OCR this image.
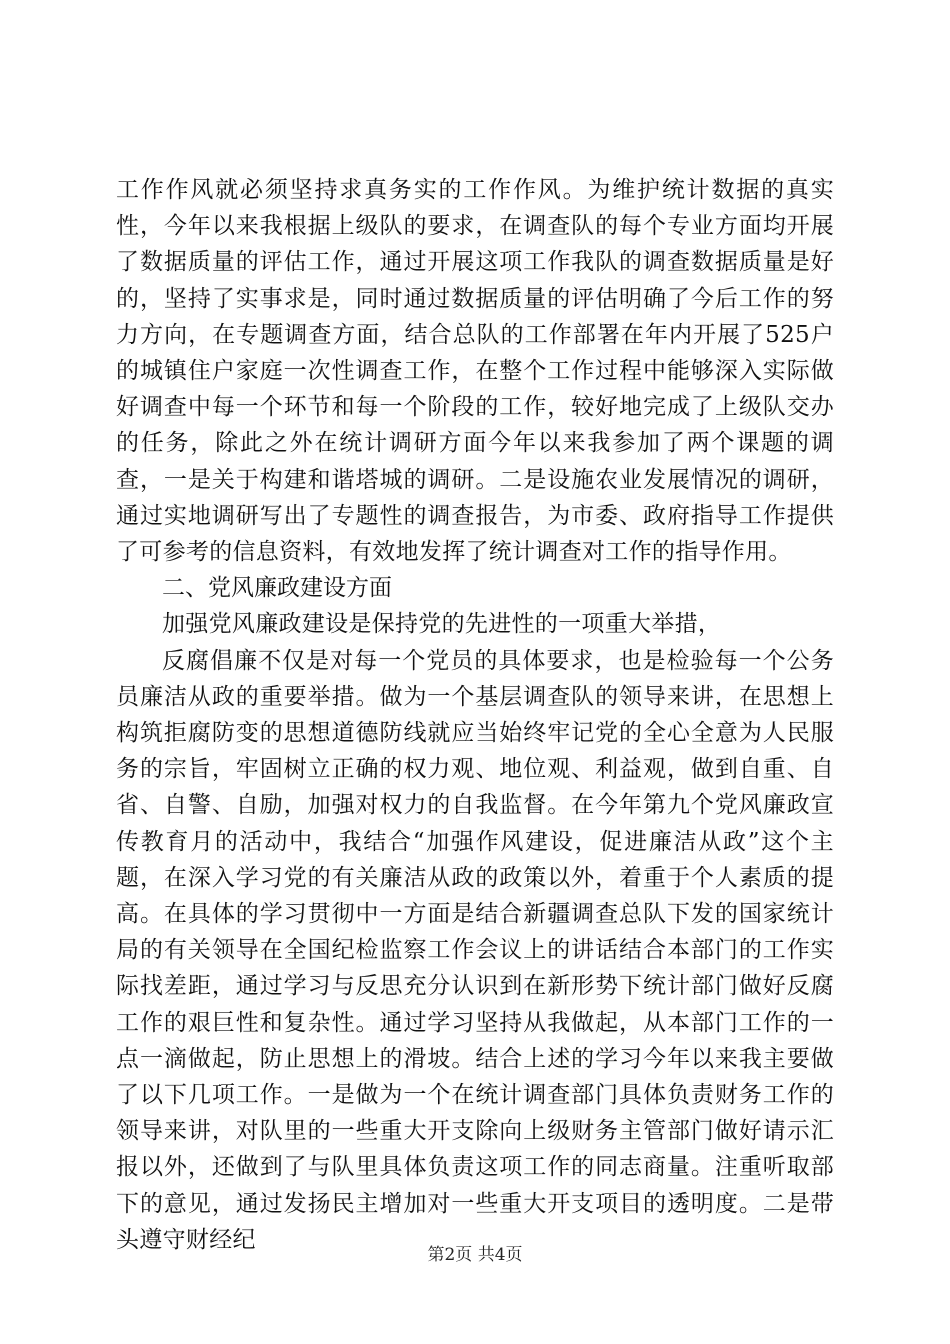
工作作风就必须坚持求真务实的工作作风。为维护统计数据的真实性，今年以来我根据上级队的要求，在调查队的每个专业方面均开展了数据质量的评估工作，通过开展这项工作我队的调查数据质量是好的，坚持了实事求是，同时通过数据质量的评估明确了今后工作的努力方向，在专题调查方面，结合总队的工作部署在年内开展了525户的城镇住户家庭一次性调查工作，在整个工作过程中能够深入实际做好调查中每一个环节和每一个阶段的工作，较好地完成了上级队交办的任务，除此之外在统计调研方面今年以来我参加了两个课题的调查，一是关于构建和谐塔城的调研。二是设施农业发展情况的调研，通过实地调研写出了专题性的调查报告，为市委、政府指导工作提供了可参考的信息资料，有效地发挥了统计调查对工作的指导作用。

二、党风廉政建设方面

加强党风廉政建设是保持党的先进性的一项重大举措，

反腐倡廉不仅是对每一个党员的具体要求，也是检验每一个公务员廉洁从政的重要举措。做为一个基层调查队的领导来讲，在思想上构筑拒腐防变的思想道德防线就应当始终牢记党的全心全意为人民服务的宗旨，牢固树立正确的权力观、地位观、利益观，做到自重、自省、自警、自励，加强对权力的自我监督。在今年第九个党风廉政宣传教育月的活动中，我结合“加强作风建设，促进廉洁从政”这个主题，在深入学习党的有关廉洁从政的政策以外，着重于个人素质的提高。在具体的学习贯彻中一方面是结合新疆调查总队下发的国家统计局的有关领导在全国纪检监察工作会议上的讲话结合本部门的工作实际找差距，通过学习与反思充分认识到在新形势下统计部门做好反腐工作的艰巨性和复杂性。通过学习坚持从我做起，从本部门工作的一点一滴做起，防止思想上的滑坡。结合上述的学习今年以来我主要做了以下几项工作。一是做为一个在统计调查部门具体负责财务工作的领导来讲，对队里的一些重大开支除向上级财务主管部门做好请示汇报以外，还做到了与队里具体负责这项工作的同志商量。注重听取部下的意见，通过发扬民主增加对一些重大开支项目的透明度。二是带头遵守财经纪

第2页 共4页
